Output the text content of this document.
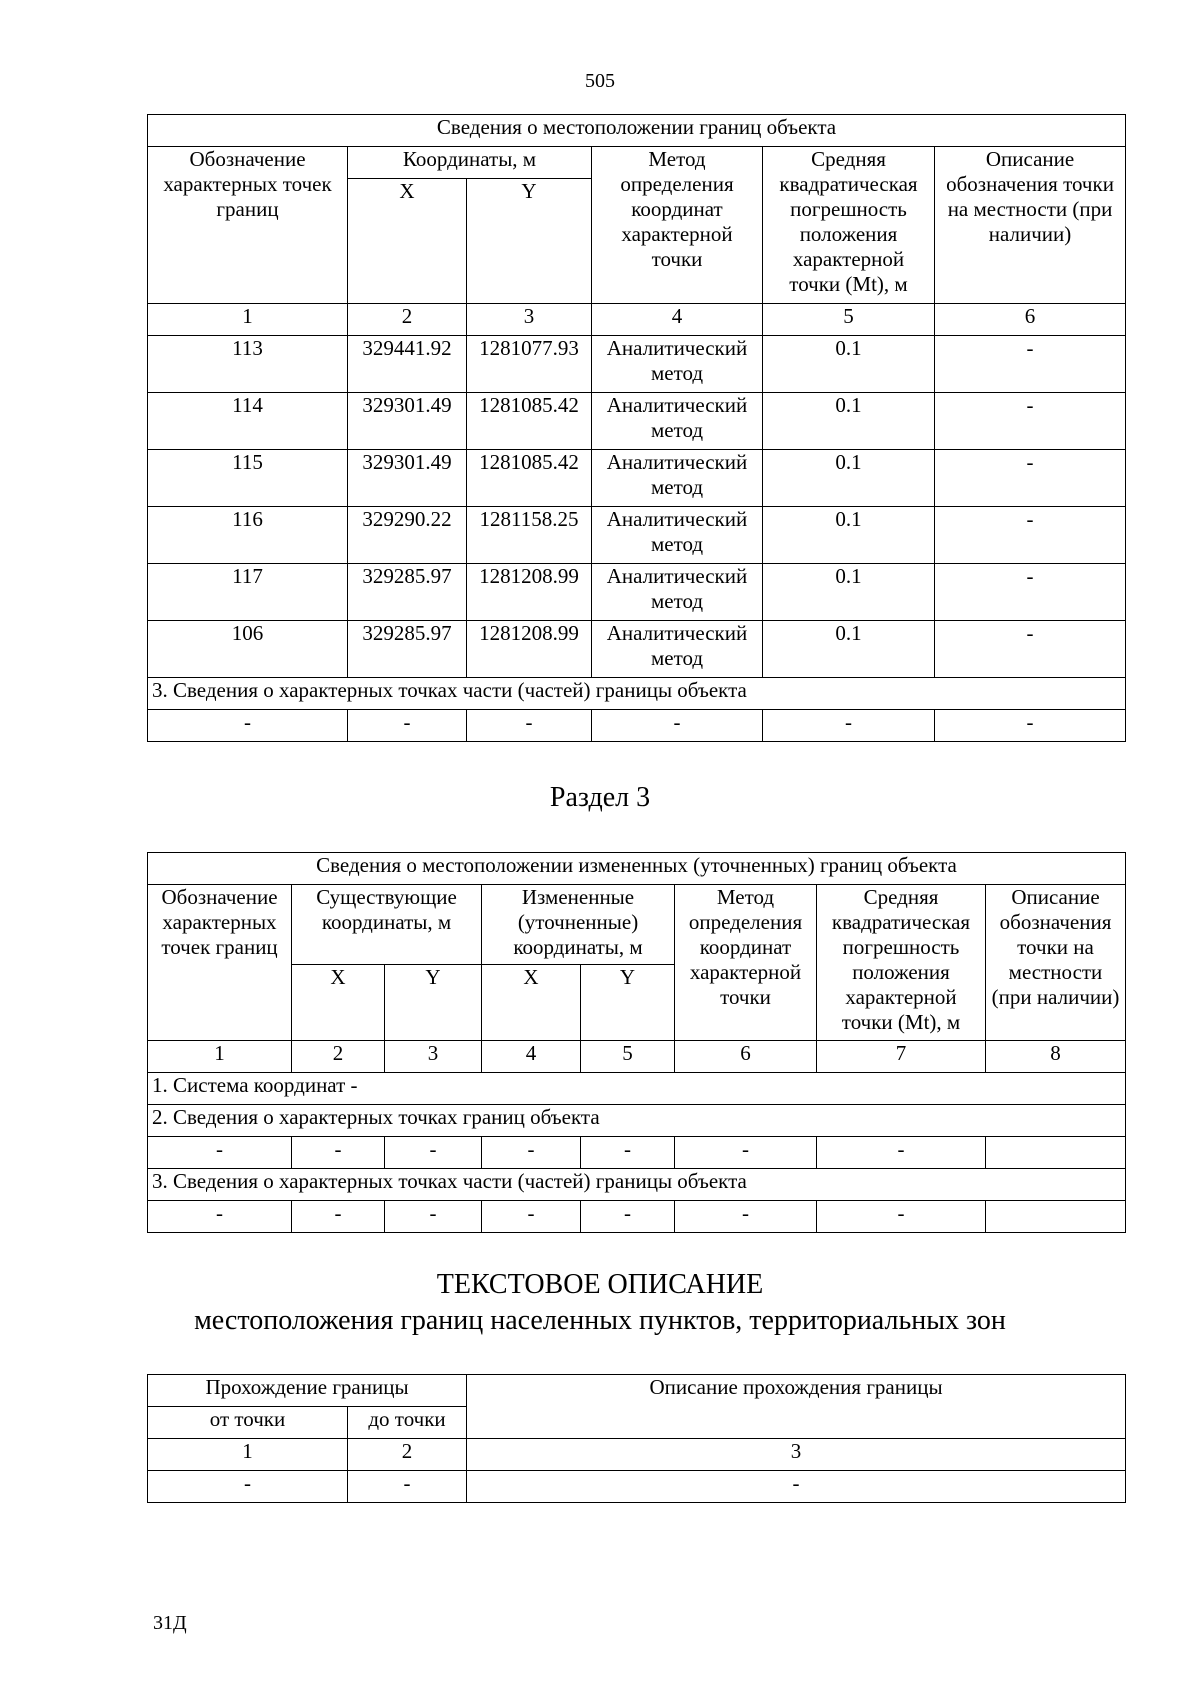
505
Сведения о местоположении границ объекта					
Обозначение характерных точек границ	Координаты, м		Метод определения координат характерной точки	Средняя квадратическая погрешность положения характерной точки (Mt), м	Описание обозначения точки на местности (при наличии)
	X	Y			
1	2	3	4	5	6
113	329441.92	1281077.93	Аналитический метод	0.1	-
114	329301.49	1281085.42	Аналитический метод	0.1	-
115	329301.49	1281085.42	Аналитический метод	0.1	-
116	329290.22	1281158.25	Аналитический метод	0.1	-
117	329285.97	1281208.99	Аналитический метод	0.1	-
106	329285.97	1281208.99	Аналитический метод	0.1	-
3. Сведения о характерных точках части (частей) границы объекта					
-	-	-	-	-	-
Раздел 3
Сведения о местоположении измененных (уточненных) границ объекта							
Обозначение характерных точек границ	Существующие координаты, м		Измененные (уточненные) координаты, м		Метод определения координат характерной точки	Средняя квадратическая погрешность положения характерной точки (Mt), м	Описание обозначения точки на местности (при наличии)
	X	Y	X	Y			
1	2	3	4	5	6	7	8
1. Система координат -							
2. Сведения о характерных точках границ объекта							
-	-	-	-	-	-	-	
3. Сведения о характерных точках части (частей) границы объекта							
-	-	-	-	-	-	-	
ТЕКСТОВОЕ ОПИСАНИЕ
местоположения границ населенных пунктов, территориальных зон
Прохождение границы		Описание прохождения границы
от точки	до точки	
1	2	3
-	-	-
31Д
